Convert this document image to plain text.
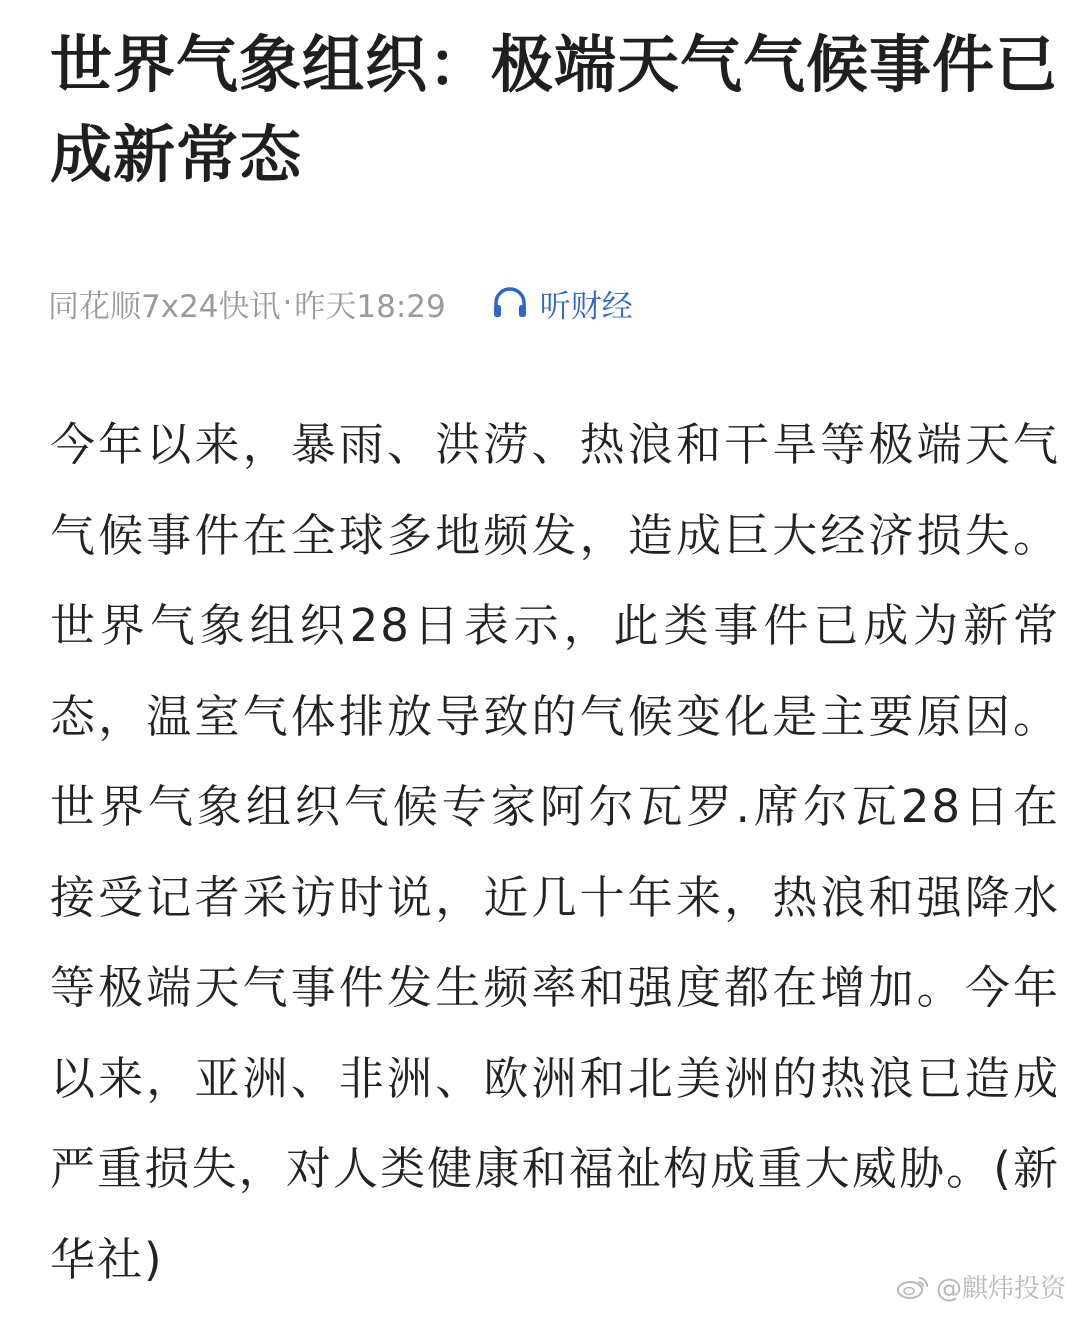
世界气象组织：极端天气气候事件已成新常态
同花顺7x24快讯 · 昨天18:29	听财经

今年以来，暴雨、洪涝、热浪和干旱等极端天气气候事件在全球多地频发，造成巨大经济损失。世界气象组织28日表示，此类事件已成为新常态，温室气体排放导致的气候变化是主要原因。世界气象组织气候专家阿尔瓦罗.席尔瓦28日在接受记者采访时说，近几十年来，热浪和强降水等极端天气事件发生频率和强度都在增加。今年以来，亚洲、非洲、欧洲和北美洲的热浪已造成严重损失，对人类健康和福祉构成重大威胁。(新华社)

@麒炜投资
